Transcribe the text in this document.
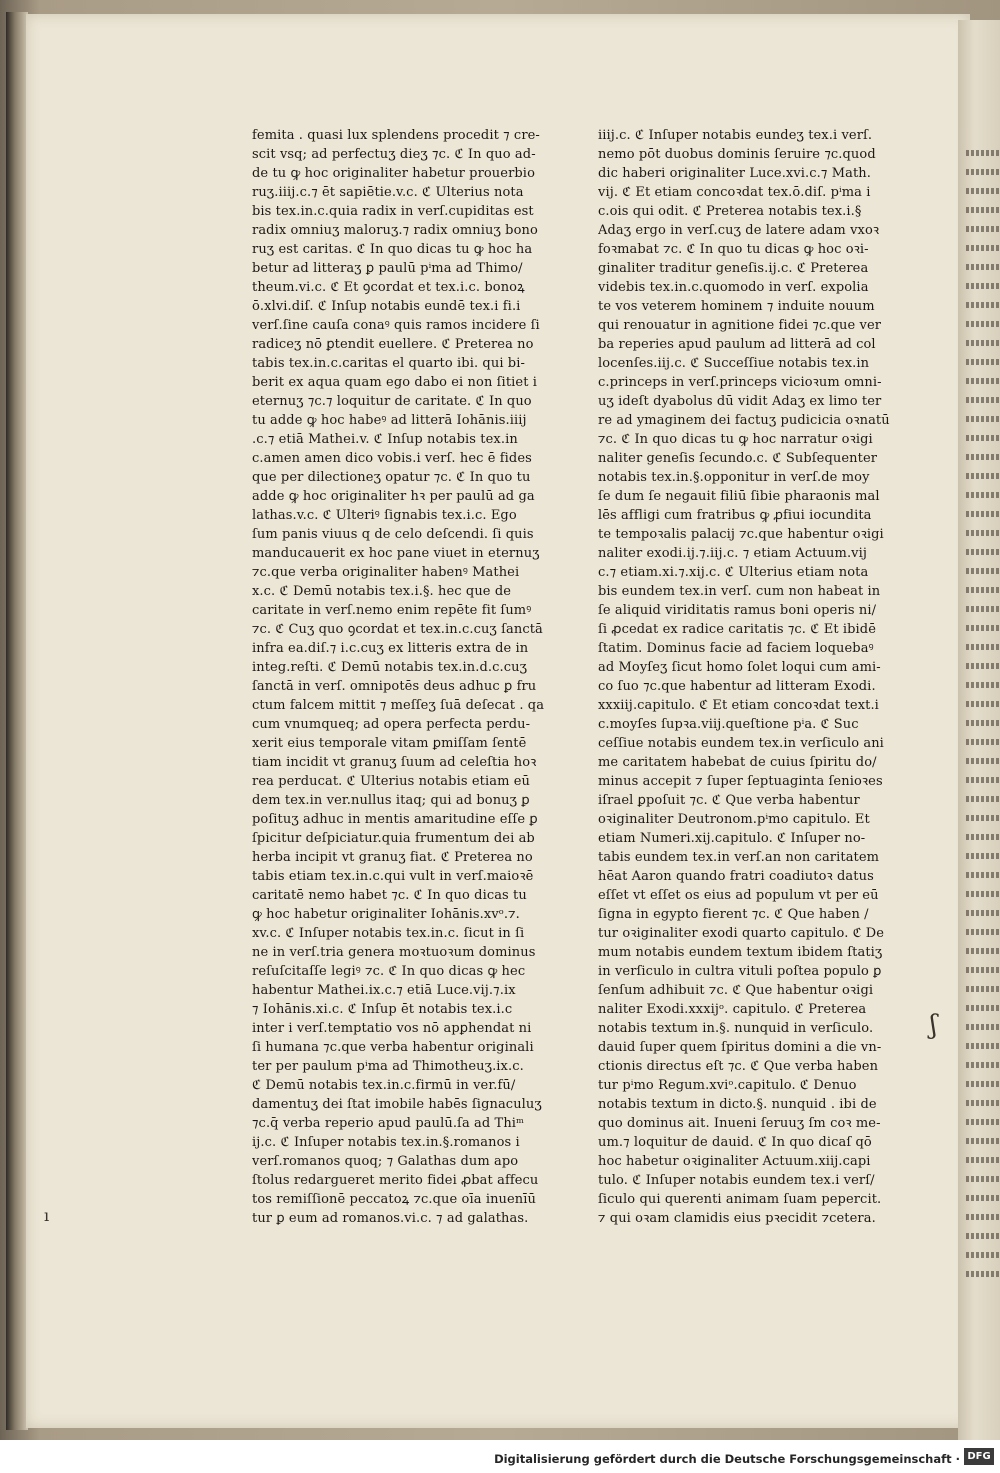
femita . quasi lux splendens procedit ⁊ cre-
scit vsq; ad perfectuʒ dieʒ ⁊c. ℭ In quo ad-
de tu ꝙ hoc originaliter habetur prouerbio
ruʒ.iiij.c.⁊ ēt sapiētie.v.c. ℭ Ulterius nota
bis tex.in.c.quia radix in verſ.cupiditas est
radix omniuʒ maloruʒ.⁊ radix omniuʒ bono
ruʒ est caritas. ℭ In quo dicas tu ꝙ hoc ha
betur ad litteraʒ ꝑ paulū pⁱma ad Thimo/
theum.vi.c. ℭ Et ꝯcordat et tex.i.c. bonoꝝ
ō.xlvi.diſ. ℭ Inſup notabis eundē tex.i fi.i
verſ.ſine cauſa conaꝰ quis ramos incidere ſi
radiceʒ nō ꝑtendit euellere. ℭ Preterea no
tabis tex.in.c.caritas el quarto ibi. qui bi-
berit ex aqua quam ego dabo ei non ſitiet i
eternuʒ ⁊c.⁊ loquitur de caritate. ℭ In quo
tu adde ꝙ hoc habeꝰ ad litterā Iohānis.iiij
.c.⁊ etiā Mathei.v. ℭ Inſup notabis tex.in
c.amen amen dico vobis.i verſ. hec ē fides
que per dilectioneʒ opatur ⁊c. ℭ In quo tu
adde ꝙ hoc originaliter hꝛ per paulū ad ga
lathas.v.c. ℭ Ulteriꝰ ſignabis tex.i.c. Ego
ſum panis viuus q de celo deſcendi. ſi quis
manducauerit ex hoc pane viuet in eternuʒ
⁊c.que verba originaliter habenꝰ Mathei
x.c. ℭ Demū notabis tex.i.§. hec que de
caritate in verſ.nemo enim repēte fit ſumꝰ
⁊c. ℭ Cuʒ quo ꝯcordat et tex.in.c.cuʒ ſanctā
infra ea.diſ.⁊ i.c.cuʒ ex litteris extra de in
integ.reſti. ℭ Demū notabis tex.in.d.c.cuʒ
ſanctā in verſ. omnipotēs deus adhuc ꝑ fru
ctum falcem mittit ⁊ meſſeʒ ſuā deſecat . qa
cum vnumqueq; ad opera perfecta perdu-
xerit eius temporale vitam ꝑmiſſam ſentē
tiam incidit vt granuʒ ſuum ad celeſtia hoꝛ
rea perducat. ℭ Ulterius notabis etiam eū
dem tex.in ver.nullus itaq; qui ad bonuʒ ꝑ
poſituʒ adhuc in mentis amaritudine eſſe ꝑ
ſpicitur deſpiciatur.quia frumentum dei ab
herba incipit vt granuʒ fiat. ℭ Preterea no
tabis etiam tex.in.c.qui vult in verſ.maioꝛē
caritatē nemo habet ⁊c. ℭ In quo dicas tu
ꝙ hoc habetur originaliter Iohānis.xvᵒ.⁊.
xv.c. ℭ Inſuper notabis tex.in.c. ſicut in ſi
ne in verſ.tria genera moꝛtuoꝛum dominus
reſuſcitaſſe legiꝰ ⁊c. ℭ In quo dicas ꝙ hec
habentur Mathei.ix.c.⁊ etiā Luce.vij.⁊.ix
⁊ Iohānis.xi.c. ℭ Inſup ēt notabis tex.i.c
inter i verſ.temptatio vos nō apꝑhendat ni
ſi humana ⁊c.que verba habentur originali
ter per paulum pⁱma ad Thimotheuʒ.ix.c.
ℭ Demū notabis tex.in.c.firmū in ver.fū/
damentuʒ dei ſtat imobile habēs ſignaculuʒ
⁊c.q̄ verba reperio apud paulū.ſa ad Thiᵐ
ij.c. ℭ Inſuper notabis tex.in.§.romanos i
verſ.romanos quoq; ⁊ Galathas dum apo
ſtolus redargueret merito fidei ꝓbat affecu
tos remiſſionē peccatoꝝ ⁊c.que oīa inuenīū
tur ꝑ eum ad romanos.vi.c. ⁊ ad galathas.
iiij.c. ℭ Inſuper notabis eundeʒ tex.i verſ.
nemo pōt duobus dominis ſeruire ⁊c.quod
dic haberi originaliter Luce.xvi.c.⁊ Math.
vij. ℭ Et etiam concoꝛdat tex.ō.diſ. pⁱma i
c.ois qui odit. ℭ Preterea notabis tex.i.§
Adaʒ ergo in verſ.cuʒ de latere adam vxoꝛ
foꝛmabat ⁊c. ℭ In quo tu dicas ꝙ hoc oꝛi-
ginaliter traditur geneſis.ij.c. ℭ Preterea
videbis tex.in.c.quomodo in verſ. expolia
te vos veterem hominem ⁊ induite nouum
qui renouatur in agnitione fidei ⁊c.que ver
ba reperies apud paulum ad litterā ad col
locenſes.iij.c. ℭ Succeſſiue notabis tex.in
c.princeps in verſ.princeps vicioꝛum omni-
uʒ ideſt dyabolus dū vidit Adaʒ ex limo ter
re ad ymaginem dei factuʒ pudicicia oꝛnatū
⁊c. ℭ In quo dicas tu ꝙ hoc narratur oꝛigi
naliter geneſis ſecundo.c. ℭ Subſequenter
notabis tex.in.§.opponitur in verſ.de moy
ſe dum ſe negauit filiū ſibie pharaonis mal
lēs affligi cum fratribus ꝙ ꝓfiui iocundita
te tempoꝛalis palacij ⁊c.que habentur oꝛigi
naliter exodi.ij.⁊.iij.c. ⁊ etiam Actuum.vij
c.⁊ etiam.xi.⁊.xij.c. ℭ Ulterius etiam nota
bis eundem tex.in verſ. cum non habeat in
ſe aliquid viriditatis ramus boni operis ni/
ſi ꝓcedat ex radice caritatis ⁊c. ℭ Et ibidē
ſtatim. Dominus facie ad faciem loquebaꝰ
ad Moyſeʒ ſicut homo ſolet loqui cum ami-
co ſuo ⁊c.que habentur ad litteram Exodi.
xxxiij.capitulo. ℭ Et etiam concoꝛdat text.i
c.moyſes ſupꝛa.viij.queſtione pⁱa. ℭ Suc
ceſſiue notabis eundem tex.in verſiculo ani
me caritatem habebat de cuius ſpiritu do/
minus accepit ⁊ ſuper ſeptuaginta ſenioꝛes
iſrael ꝑpoſuit ⁊c. ℭ Que verba habentur
oꝛiginaliter Deutronom.pⁱmo capitulo. Et
etiam Numeri.xij.capitulo. ℭ Inſuper no-
tabis eundem tex.in verſ.an non caritatem
hēat Aaron quando fratri coadiutoꝛ datus
eſſet vt eſſet os eius ad populum vt per eū
ſigna in egypto fierent ⁊c. ℭ Que haben /
tur oꝛiginaliter exodi quarto capitulo. ℭ De
mum notabis eundem textum ibidem ſtatiʒ
in verſiculo in cultra vituli poſtea populo ꝑ
ſenſum adhibuit ⁊c. ℭ Que habentur oꝛigi
naliter Exodi.xxxijᵒ. capitulo. ℭ Preterea
notabis textum in.§. nunquid in verſiculo.
dauid ſuper quem ſpiritus domini a die vn-
ctionis directus eſt ⁊c. ℭ Que verba haben
tur pⁱmo Regum.xviᵒ.capitulo. ℭ Denuo
notabis textum in dicto.§. nunquid . ibi de
quo dominus ait. Inueni ſeruuʒ ſm coꝛ me-
um.⁊ loquitur de dauid. ℭ In quo dicaſ qō
hoc habetur oꝛiginaliter Actuum.xiij.capi
tulo. ℭ Inſuper notabis eundem tex.i verſ/
ſiculo qui querenti animam ſuam pepercit.
⁊ qui oꝛam clamidis eius pꝛecidit ⁊cetera.
ʃ
ı
Digitalisierung gefördert durch die Deutsche Forschungsgemeinschaft · DFG
